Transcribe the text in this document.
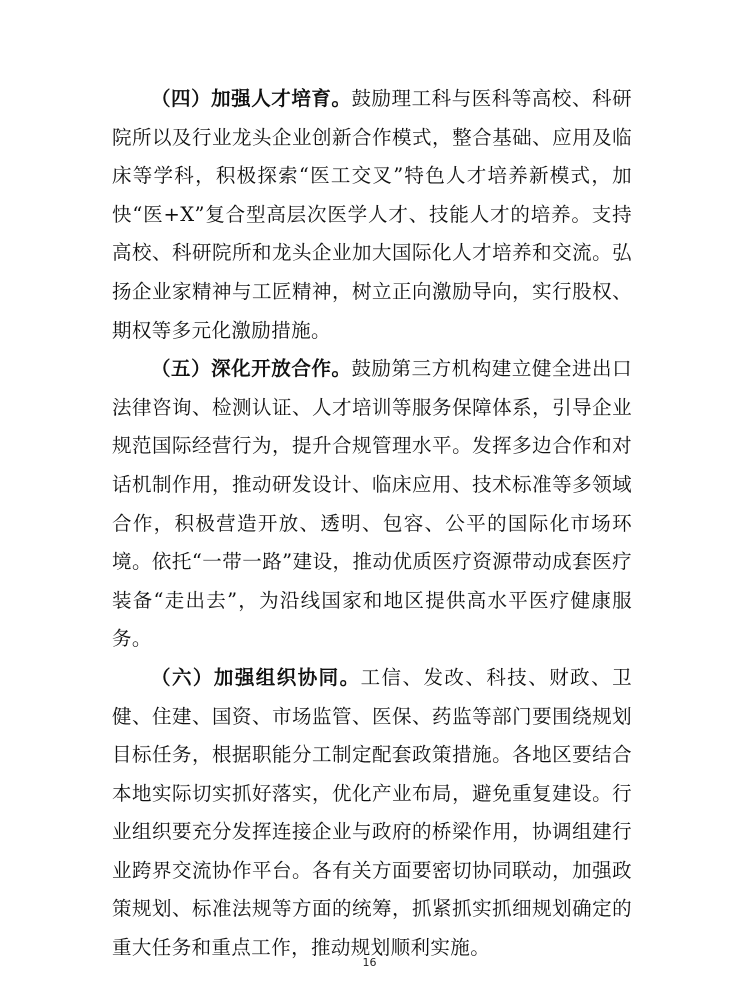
（四）加强人才培育。鼓励理工科与医科等高校、科研院所以及行业龙头企业创新合作模式，整合基础、应用及临床等学科，积极探索“医工交叉”特色人才培养新模式，加快“医+X”复合型高层次医学人才、技能人才的培养。支持高校、科研院所和龙头企业加大国际化人才培养和交流。弘扬企业家精神与工匠精神，树立正向激励导向，实行股权、期权等多元化激励措施。

（五）深化开放合作。鼓励第三方机构建立健全进出口法律咨询、检测认证、人才培训等服务保障体系，引导企业规范国际经营行为，提升合规管理水平。发挥多边合作和对话机制作用，推动研发设计、临床应用、技术标准等多领域合作，积极营造开放、透明、包容、公平的国际化市场环境。依托“一带一路”建设，推动优质医疗资源带动成套医疗装备“走出去”，为沿线国家和地区提供高水平医疗健康服务。

（六）加强组织协同。工信、发改、科技、财政、卫健、住建、国资、市场监管、医保、药监等部门要围绕规划目标任务，根据职能分工制定配套政策措施。各地区要结合本地实际切实抓好落实，优化产业布局，避免重复建设。行业组织要充分发挥连接企业与政府的桥梁作用，协调组建行业跨界交流协作平台。各有关方面要密切协同联动，加强政策规划、标准法规等方面的统筹，抓紧抓实抓细规划确定的重大任务和重点工作，推动规划顺利实施。

16
